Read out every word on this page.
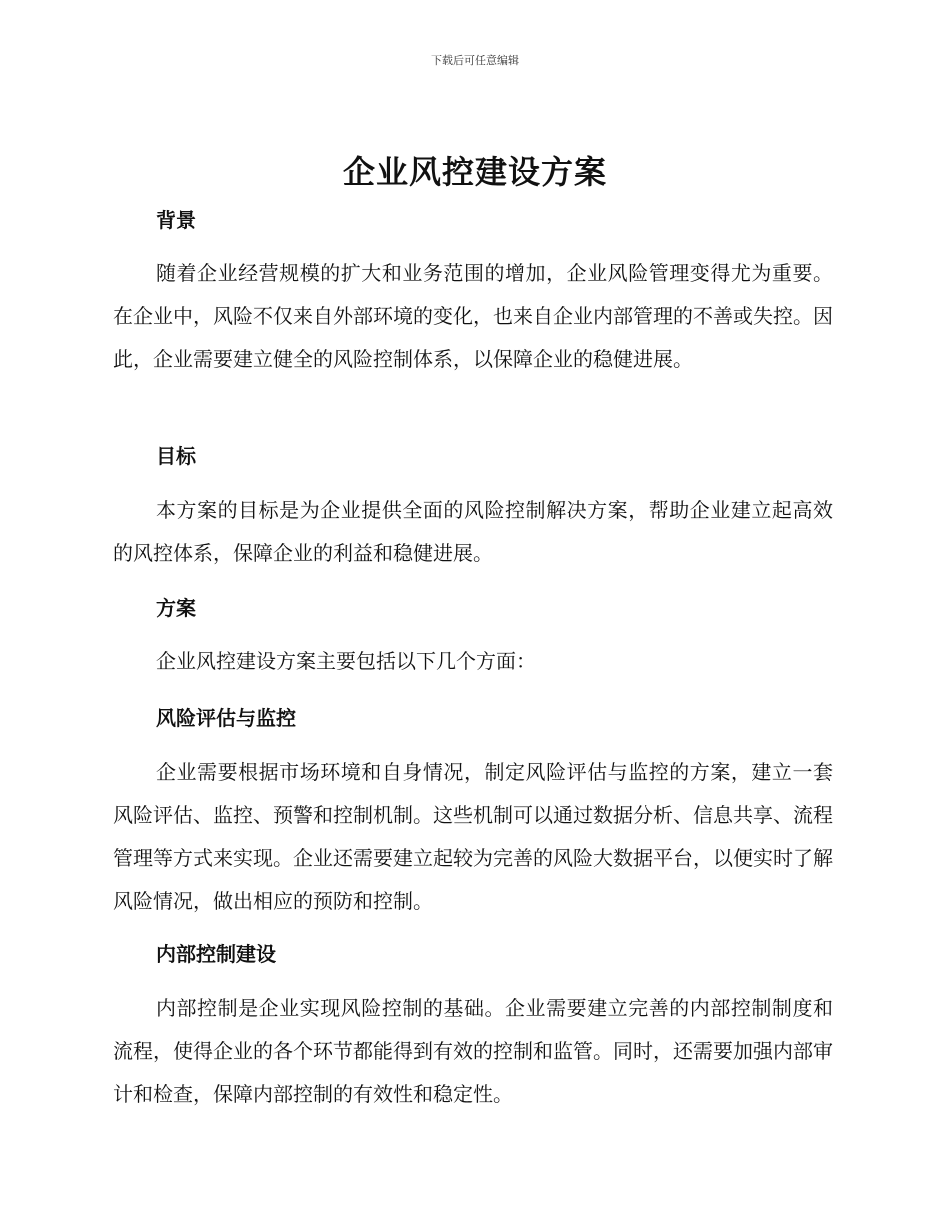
下载后可任意编辑
企业风控建设方案
背景

随着企业经营规模的扩大和业务范围的增加，企业风险管理变得尤为重要。在企业中，风险不仅来自外部环境的变化，也来自企业内部管理的不善或失控。因此，企业需要建立健全的风险控制体系，以保障企业的稳健进展。

目标

本方案的目标是为企业提供全面的风险控制解决方案，帮助企业建立起高效的风控体系，保障企业的利益和稳健进展。

方案

企业风控建设方案主要包括以下几个方面：

风险评估与监控

企业需要根据市场环境和自身情况，制定风险评估与监控的方案，建立一套风险评估、监控、预警和控制机制。这些机制可以通过数据分析、信息共享、流程管理等方式来实现。企业还需要建立起较为完善的风险大数据平台，以便实时了解风险情况，做出相应的预防和控制。

内部控制建设

内部控制是企业实现风险控制的基础。企业需要建立完善的内部控制制度和流程，使得企业的各个环节都能得到有效的控制和监管。同时，还需要加强内部审计和检查，保障内部控制的有效性和稳定性。
